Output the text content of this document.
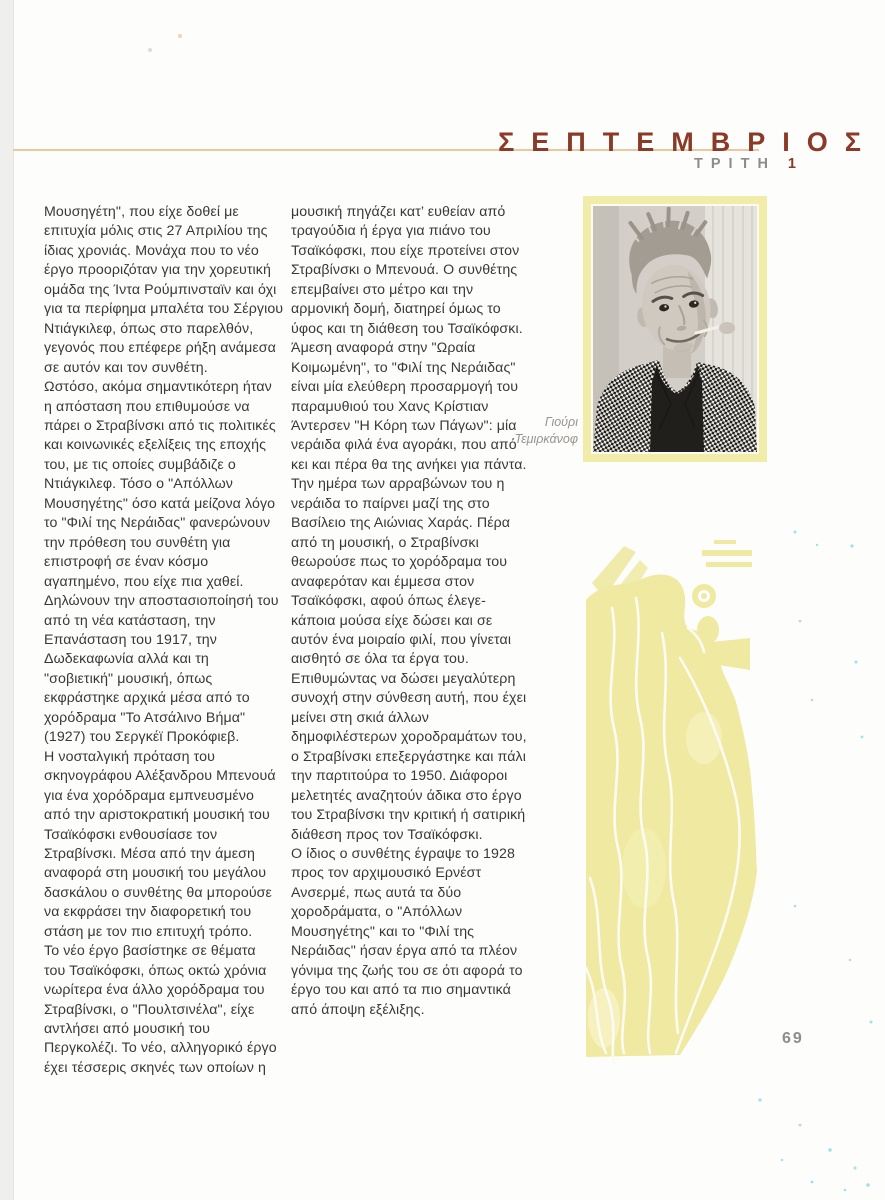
ΣΕΠΤΕΜΒΡΙΟΣ
ΤΡΙΤΗ 1
Μουσηγέτη", που είχε δοθεί με
επιτυχία μόλις στις 27 Απριλίου της
ίδιας χρονιάς. Μονάχα που το νέο
έργο προοριζόταν για την χορευτική
ομάδα της Ίντα Ρούμπινσταϊν και όχι
για τα περίφημα μπαλέτα του Σέργιου
Ντιάγκιλεφ, όπως στο παρελθόν,
γεγονός που επέφερε ρήξη ανάμεσα
σε αυτόν και τον συνθέτη.
Ωστόσο, ακόμα σημαντικότερη ήταν
η απόσταση που επιθυμούσε να
πάρει ο Στραβίνσκι από τις πολιτικές
και κοινωνικές εξελίξεις της εποχής
του, με τις οποίες συμβάδιζε ο
Ντιάγκιλεφ. Τόσο ο "Απόλλων
Μουσηγέτης" όσο κατά μείζονα λόγο
το "Φιλί της Νεράιδας" φανερώνουν
την πρόθεση του συνθέτη για
επιστροφή σε έναν κόσμο
αγαπημένο, που είχε πια χαθεί.
Δηλώνουν την αποστασιοποίησή του
από τη νέα κατάσταση, την
Επανάσταση του 1917, την
Δωδεκαφωνία αλλά και τη
"σοβιετική" μουσική, όπως
εκφράστηκε αρχικά μέσα από το
χορόδραμα "Το Ατσάλινο Βήμα"
(1927) του Σεργκέϊ Προκόφιεβ.
Η νοσταλγική πρόταση του
σκηνογράφου Αλέξανδρου Μπενουά
για ένα χορόδραμα εμπνευσμένο
από την αριστοκρατική μουσική του
Τσαϊκόφσκι ενθουσίασε τον
Στραβίνσκι. Μέσα από την άμεση
αναφορά στη μουσική του μεγάλου
δασκάλου ο συνθέτης θα μπορούσε
να εκφράσει την διαφορετική του
στάση με τον πιο επιτυχή τρόπο.
Το νέο έργο βασίστηκε σε θέματα
του Τσαϊκόφσκι, όπως οκτώ χρόνια
νωρίτερα ένα άλλο χορόδραμα του
Στραβίνσκι, ο "Πουλτσινέλα", είχε
αντλήσει από μουσική του
Περγκολέζι. Το νέο, αλληγορικό έργο
έχει τέσσερις σκηνές των οποίων η
μουσική πηγάζει κατ’ ευθείαν από
τραγούδια ή έργα για πιάνο του
Τσαϊκόφσκι, που είχε προτείνει στον
Στραβίνσκι ο Μπενουά. Ο συνθέτης
επεμβαίνει στο μέτρο και την
αρμονική δομή, διατηρεί όμως το
ύφος και τη διάθεση του Τσαϊκόφσκι.
Άμεση αναφορά στην "Ωραία
Κοιμωμένη", το "Φιλί της Νεράιδας"
είναι μία ελεύθερη προσαρμογή του
παραμυθιού του Χανς Κρίστιαν
Άντερσεν "Η Κόρη των Πάγων": μία
νεράιδα φιλά ένα αγοράκι, που από
κει και πέρα θα της ανήκει για πάντα.
Την ημέρα των αρραβώνων του η
νεράιδα το παίρνει μαζί της στο
Βασίλειο της Αιώνιας Χαράς. Πέρα
από τη μουσική, ο Στραβίνσκι
θεωρούσε πως το χορόδραμα του
αναφερόταν και έμμεσα στον
Τσαϊκόφσκι, αφού όπως έλεγε-
κάποια μούσα είχε δώσει και σε
αυτόν ένα μοιραίο φιλί, που γίνεται
αισθητό σε όλα τα έργα του.
Επιθυμώντας να δώσει μεγαλύτερη
συνοχή στην σύνθεση αυτή, που έχει
μείνει στη σκιά άλλων
δημοφιλέστερων χοροδραμάτων του,
ο Στραβίνσκι επεξεργάστηκε και πάλι
την παρτιτούρα το 1950. Διάφοροι
μελετητές αναζητούν άδικα στο έργο
του Στραβίνσκι την κριτική ή σατιρική
διάθεση προς τον Τσαϊκόφσκι.
Ο ίδιος ο συνθέτης έγραψε το 1928
προς τον αρχιμουσικό Ερνέστ
Ανσερμέ, πως αυτά τα δύο
χοροδράματα, ο "Απόλλων
Μουσηγέτης" και το "Φιλί της
Νεράιδας" ήσαν έργα από τα πλέον
γόνιμα της ζωής του σε ότι αφορά το
έργο του και από τα πιο σημαντικά
από άποψη εξέλιξης.
Γιούρι
Τεμιρκάνοφ
69
